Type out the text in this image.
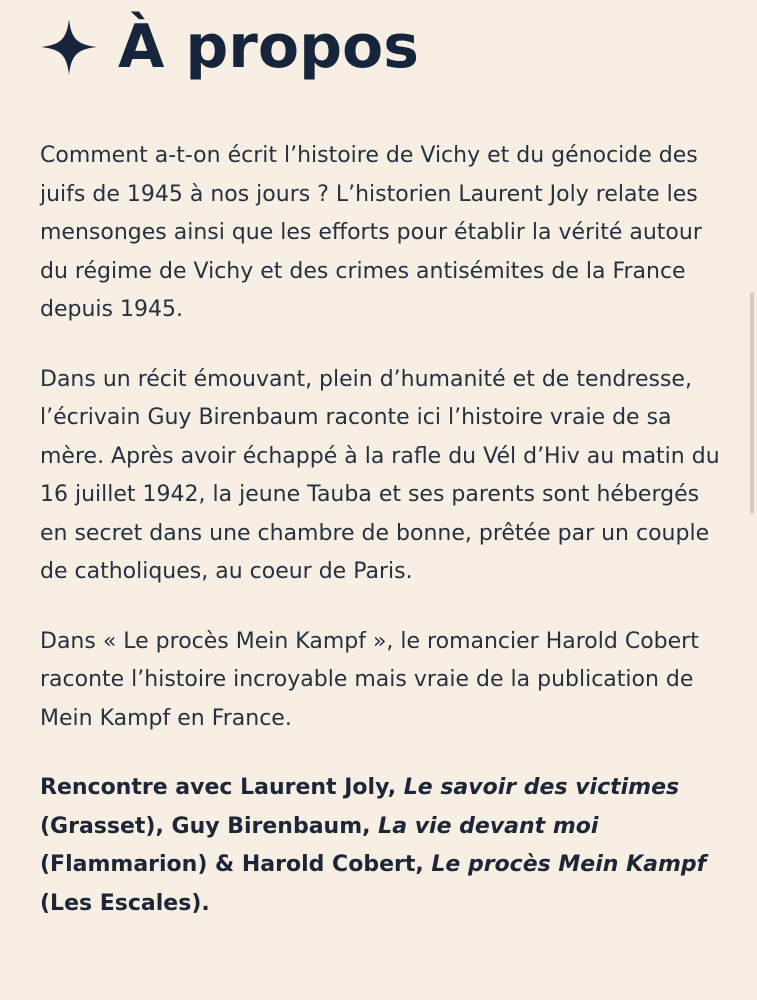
À propos

Comment a-t-on écrit l’histoire de Vichy et du génocide des juifs de 1945 à nos jours ? L’historien Laurent Joly relate les mensonges ainsi que les efforts pour établir la vérité autour du régime de Vichy et des crimes antisémites de la France depuis 1945.

Dans un récit émouvant, plein d’humanité et de tendresse, l’écrivain Guy Birenbaum raconte ici l’histoire vraie de sa mère. Après avoir échappé à la rafle du Vél d’Hiv au matin du 16 juillet 1942, la jeune Tauba et ses parents sont hébergés en secret dans une chambre de bonne, prêtée par un couple de catholiques, au coeur de Paris.

Dans « Le procès Mein Kampf », le romancier Harold Cobert raconte l’histoire incroyable mais vraie de la publication de Mein Kampf en France.

Rencontre avec Laurent Joly, Le savoir des victimes (Grasset), Guy Birenbaum, La vie devant moi (Flammarion) & Harold Cobert, Le procès Mein Kampf (Les Escales).
